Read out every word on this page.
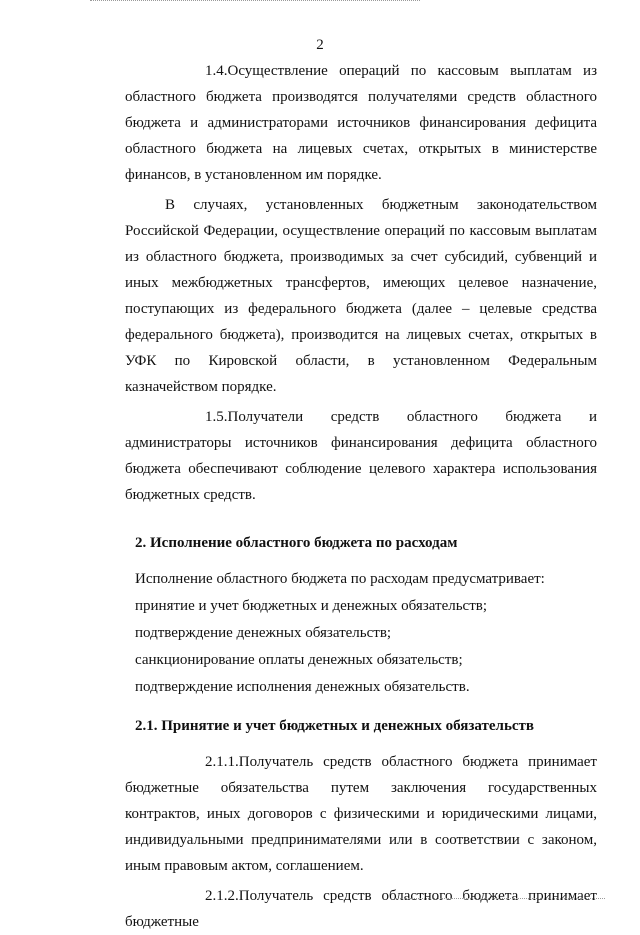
2

1.4.Осуществление операций по кассовым выплатам из областного бюджета производятся получателями средств областного бюджета и администраторами источников финансирования дефицита областного бюджета на лицевых счетах, открытых в министерстве финансов, в установленном им порядке.

В случаях, установленных бюджетным законодательством Российской Федерации, осуществление операций по кассовым выплатам из областного бюджета, производимых за счет субсидий, субвенций и иных межбюджетных трансфертов, имеющих целевое назначение, поступающих из федерального бюджета (далее – целевые средства федерального бюджета), производится на лицевых счетах, открытых в УФК по Кировской области, в установленном Федеральным казначейством порядке.

1.5.Получатели средств областного бюджета и администраторы источников финансирования дефицита областного бюджета обеспечивают соблюдение целевого характера использования бюджетных средств.

2. Исполнение областного бюджета по расходам

Исполнение областного бюджета по расходам предусматривает:

принятие и учет бюджетных и денежных обязательств;

подтверждение денежных обязательств;

санкционирование оплаты денежных обязательств;

подтверждение исполнения денежных обязательств.

2.1. Принятие и учет бюджетных и денежных обязательств

2.1.1.Получатель средств областного бюджета принимает бюджетные обязательства путем заключения государственных контрактов, иных договоров с физическими и юридическими лицами, индивидуальными предпринимателями или в соответствии с законом, иным правовым актом, соглашением.

2.1.2.Получатель средств областного бюджета принимает бюджетные
